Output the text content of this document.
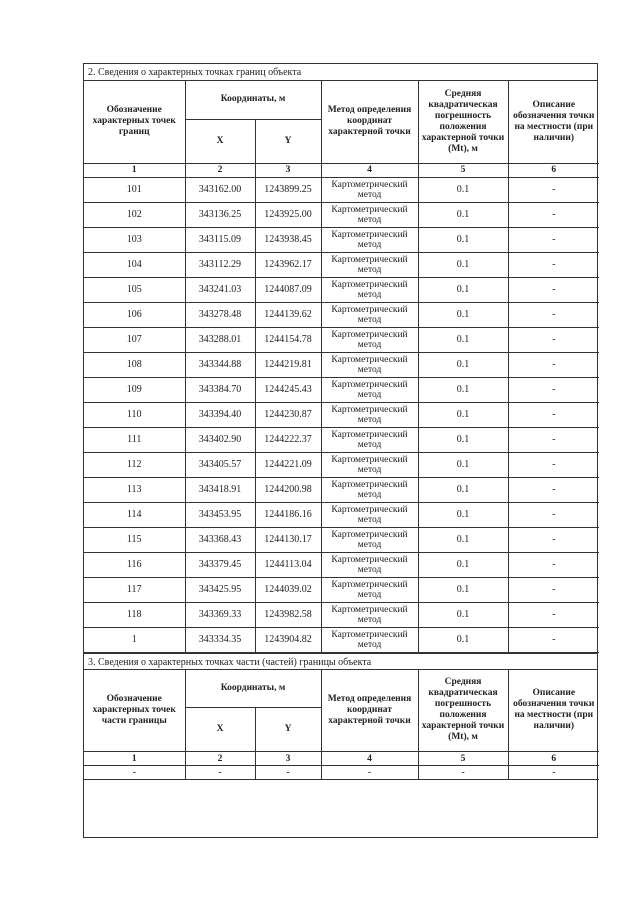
2. Сведения о характерных точках границ объекта
Обозначение характерных точек границ	Координаты, м		Метод определения координат характерной точки	Средняя квадратическая погрешность положения характерной точки (Мt), м	Описание обозначения точки на местности (при наличии)
	X	Y			
1	2	3	4	5	6
101	343162.00	1243899.25	Картометрический метод	0.1	-
102	343136.25	1243925.00	Картометрический метод	0.1	-
103	343115.09	1243938.45	Картометрический метод	0.1	-
104	343112.29	1243962.17	Картометрический метод	0.1	-
105	343241.03	1244087.09	Картометрический метод	0.1	-
106	343278.48	1244139.62	Картометрический метод	0.1	-
107	343288.01	1244154.78	Картометрический метод	0.1	-
108	343344.88	1244219.81	Картометрический метод	0.1	-
109	343384.70	1244245.43	Картометрический метод	0.1	-
110	343394.40	1244230.87	Картометрический метод	0.1	-
111	343402.90	1244222.37	Картометрический метод	0.1	-
112	343405.57	1244221.09	Картометрический метод	0.1	-
113	343418.91	1244200.98	Картометрический метод	0.1	-
114	343453.95	1244186.16	Картометрический метод	0.1	-
115	343368.43	1244130.17	Картометрический метод	0.1	-
116	343379.45	1244113.04	Картометрический метод	0.1	-
117	343425.95	1244039.02	Картометрический метод	0.1	-
118	343369.33	1243982.58	Картометрический метод	0.1	-
1	343334.35	1243904.82	Картометрический метод	0.1	-
3. Сведения о характерных точках части (частей) границы объекта
Обозначение характерных точек части границы	Координаты, м		Метод определения координат характерной точки	Средняя квадратическая погрешность положения характерной точки (Мt), м	Описание обозначения точки на местности (при наличии)
	X	Y			
1	2	3	4	5	6
-	-	-	-	-	-
